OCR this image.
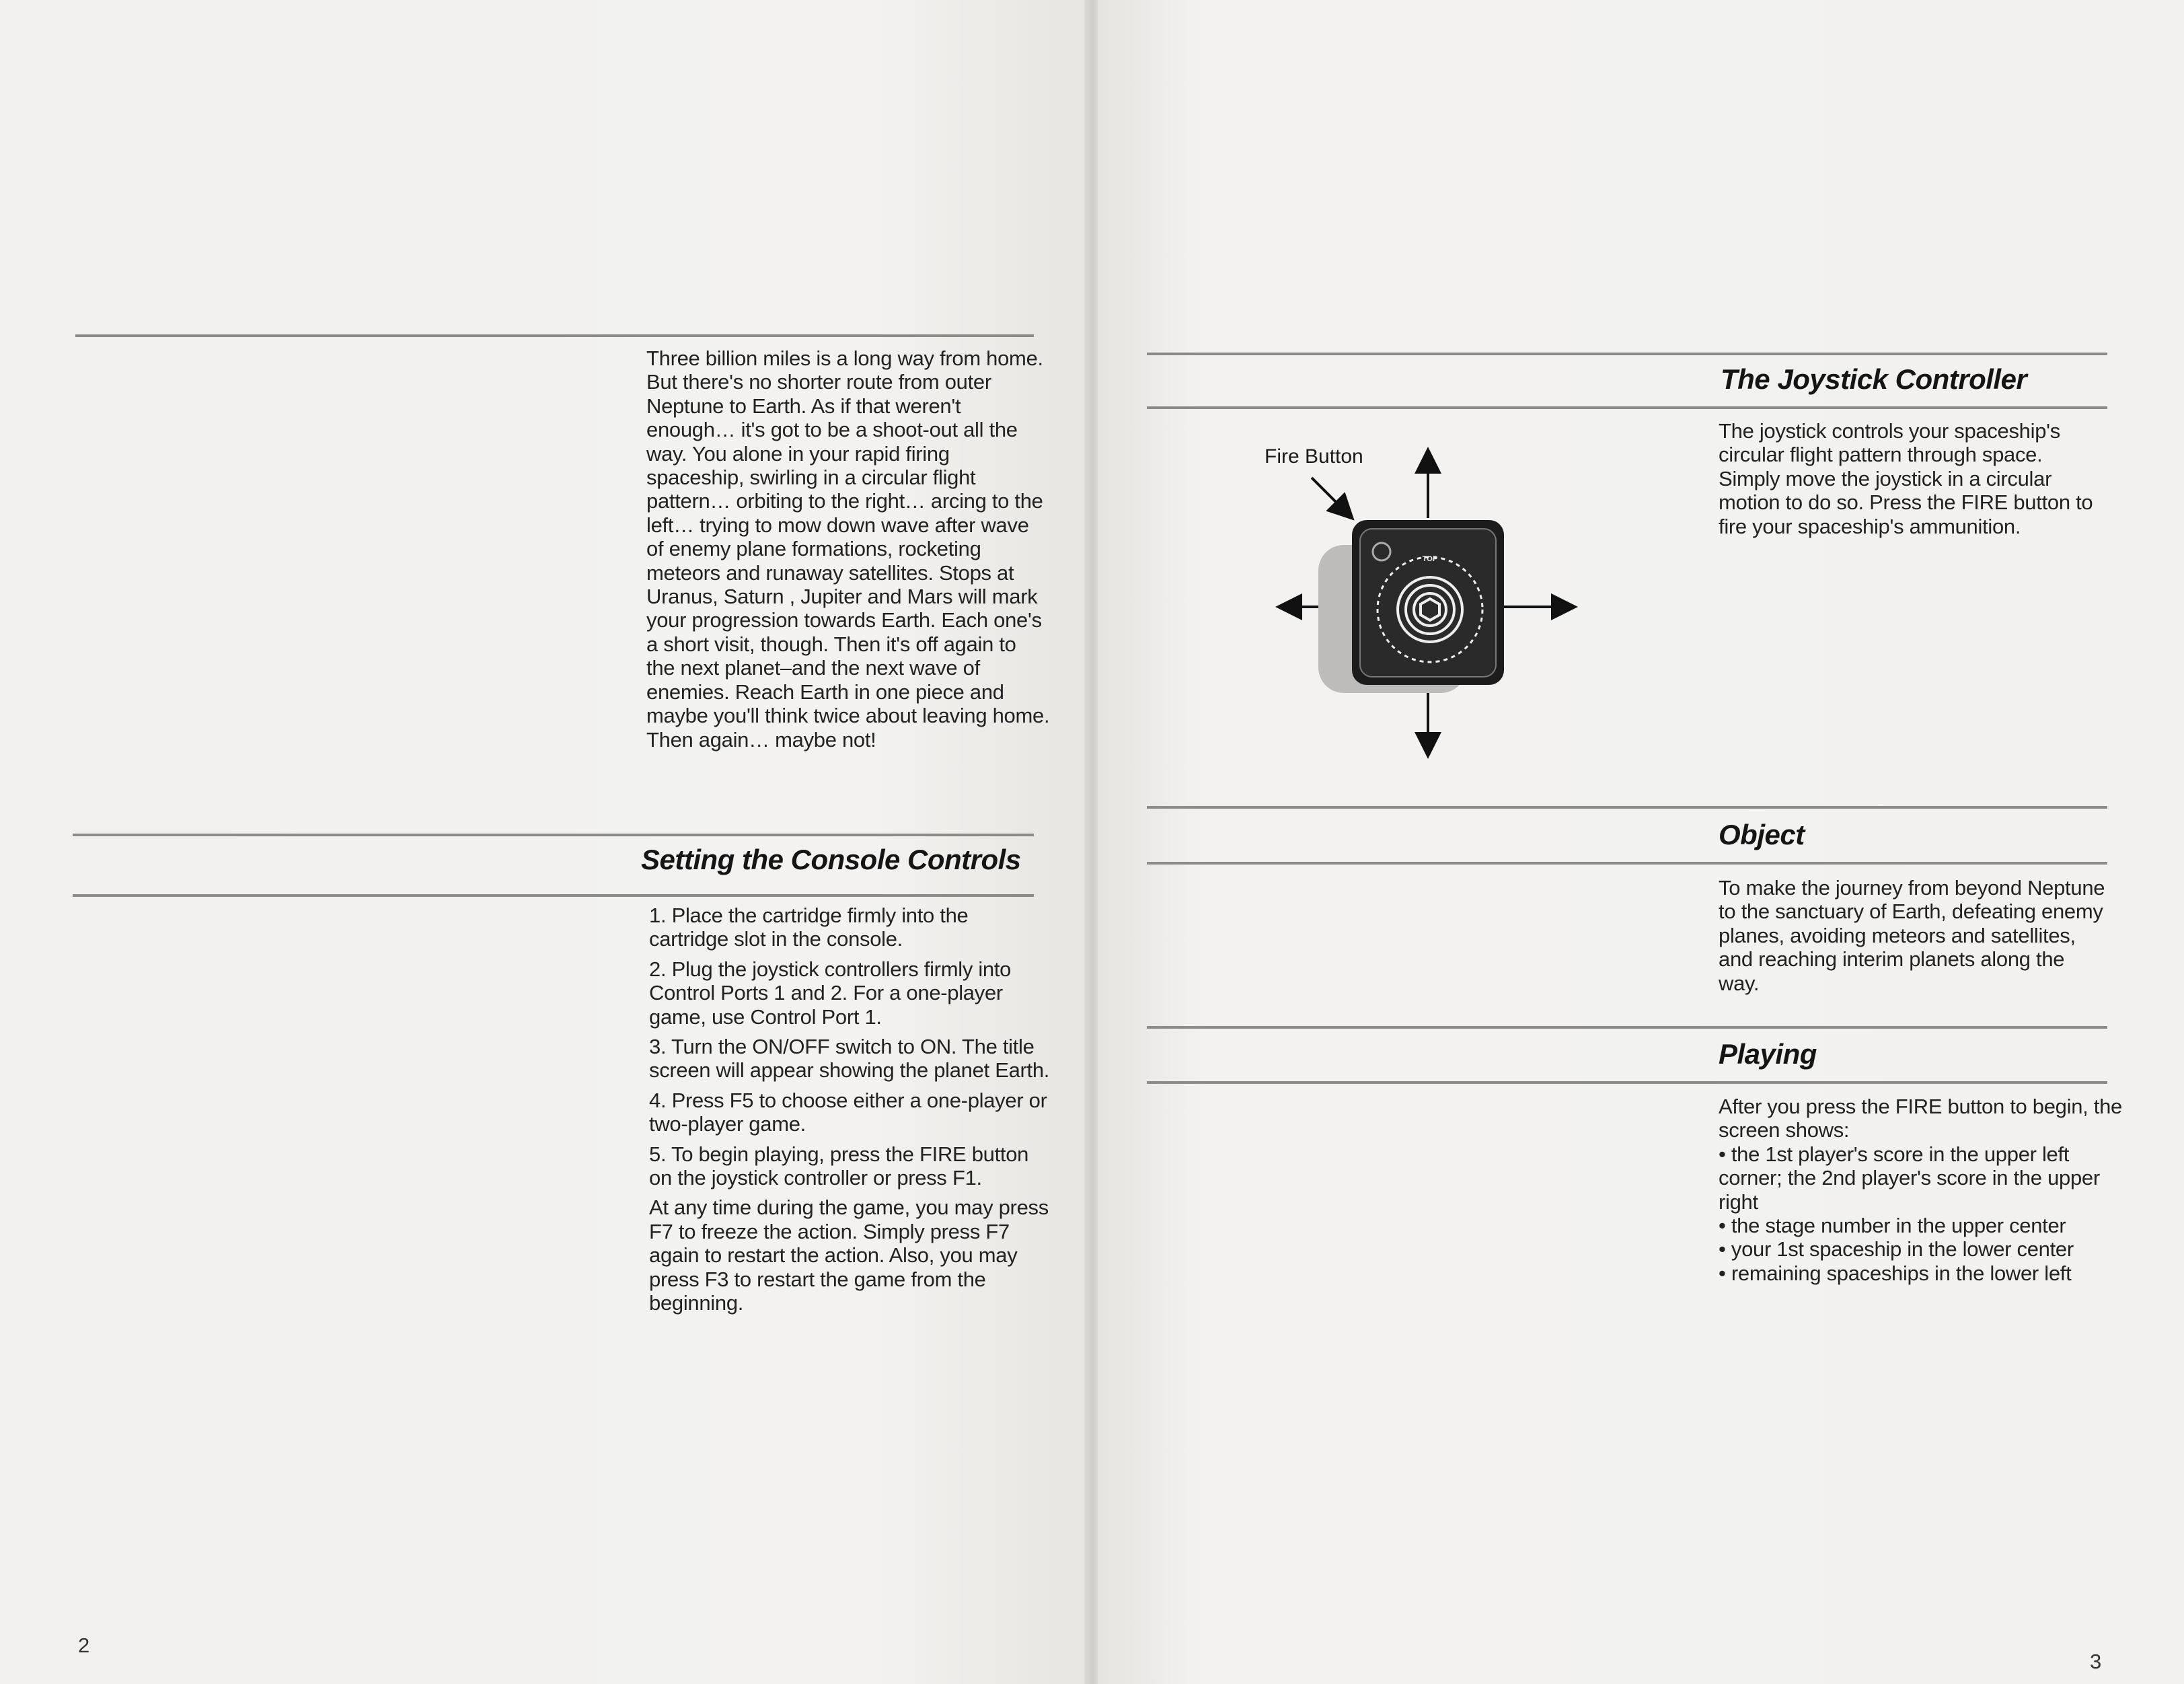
Three billion miles is a long way from home. But there's no shorter route from outer Neptune to Earth. As if that weren't enough… it's got to be a shoot-out all the way. You alone in your rapid firing spaceship, swirling in a circular flight pattern… orbiting to the right… arcing to the left… trying to mow down wave after wave of enemy plane formations, rocketing meteors and runaway satellites. Stops at Uranus, Saturn , Jupiter and Mars will mark your progression towards Earth. Each one's a short visit, though. Then it's off again to the next planet–and the next wave of enemies. Reach Earth in one piece and maybe you'll think twice about leaving home. Then again… maybe not!

Setting the Console Controls

1. Place the cartridge firmly into the cartridge slot in the console.

2. Plug the joystick controllers firmly into Control Ports 1 and 2. For a one-player game, use Control Port 1.

3. Turn the ON/OFF switch to ON. The title screen will appear showing the planet Earth.

4. Press F5 to choose either a one-player or two-player game.

5. To begin playing, press the FIRE button on the joystick controller or press F1.

At any time during the game, you may press F7 to freeze the action. Simply press F7 again to restart the action. Also, you may press F3 to restart the game from the beginning.

2
The Joystick Controller
The joystick controls your spaceship's circular flight pattern through space. Simply move the joystick in a circular motion to do so. Press the FIRE button to fire your spaceship's ammunition.
Fire Button
TOP
Object
To make the journey from beyond Neptune to the sanctuary of Earth, defeating enemy planes, avoiding meteors and satellites, and reaching interim planets along the way.
Playing

After you press the FIRE button to begin, the screen shows:

• the 1st player's score in the upper left corner; the 2nd player's score in the upper right

• the stage number in the upper center

• your 1st spaceship in the lower center

• remaining spaceships in the lower left

3
